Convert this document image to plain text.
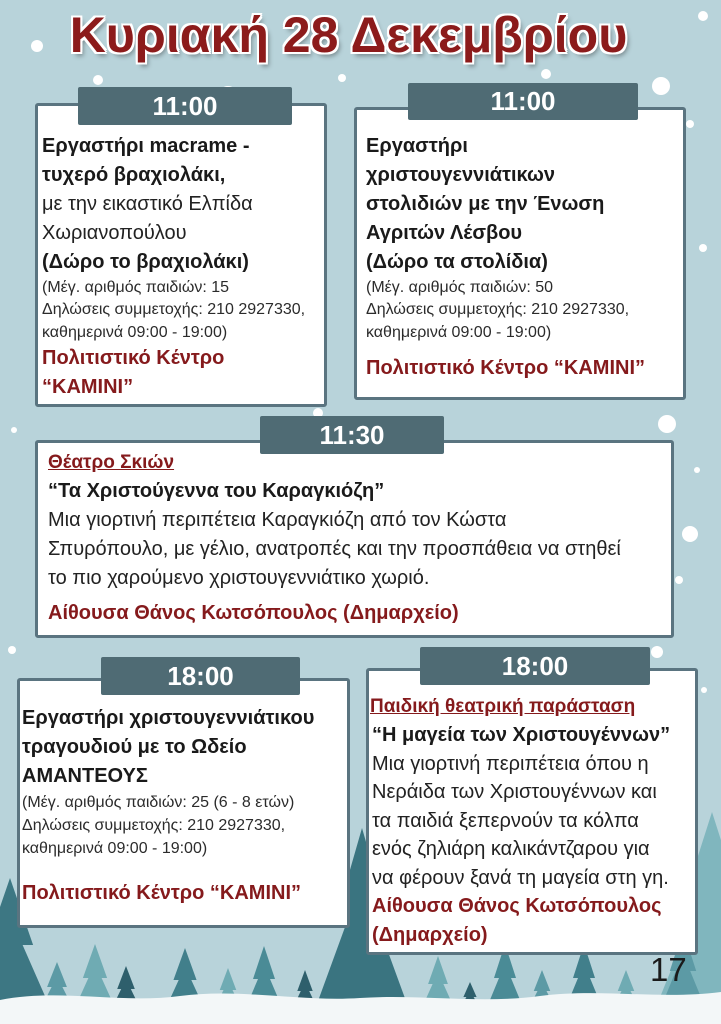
Κυριακή 28 Δεκεμβρίου
Εργαστήρι macrame -
τυχερό βραχιολάκι,
με την εικαστικό Ελπίδα
Χωριανοπούλου
(Δώρο το βραχιολάκι)
(Μέγ. αριθμός παιδιών: 15
Δηλώσεις συμμετοχής: 210 2927330,
καθημερινά 09:00 - 19:00)
Πολιτιστικό Κέντρο
“ΚΑΜΙΝΙ”
11:00
Εργαστήρι
χριστουγεννιάτικων
στολιδιών με την Ένωση
Αγριτών Λέσβου
(Δώρο τα στολίδια)
(Μέγ. αριθμός παιδιών: 50
Δηλώσεις συμμετοχής: 210 2927330,
καθημερινά 09:00 - 19:00)
Πολιτιστικό Κέντρο “ΚΑΜΙΝΙ”
11:00
Θέατρο Σκιών
“Τα Χριστούγεννα του Καραγκιόζη”
Μια γιορτινή περιπέτεια Καραγκιόζη από τον Κώστα
Σπυρόπουλο, με γέλιο, ανατροπές και την προσπάθεια να στηθεί
το πιο χαρούμενο χριστουγεννιάτικο χωριό.
Αίθουσα Θάνος Κωτσόπουλος (Δημαρχείο)
11:30
Εργαστήρι χριστουγεννιάτικου
τραγουδιού με το Ωδείο
ΑΜΑΝΤΕΟΥΣ
(Μέγ. αριθμός παιδιών: 25 (6 - 8 ετών)
Δηλώσεις συμμετοχής: 210 2927330,
καθημερινά 09:00 - 19:00)
Πολιτιστικό Κέντρο “ΚΑΜΙΝΙ”
18:00
Παιδική θεατρική παράσταση
“Η μαγεία των Χριστουγέννων”
Μια γιορτινή περιπέτεια όπου η
Νεράιδα των Χριστουγέννων και
τα παιδιά ξεπερνούν τα κόλπα
ενός ζηλιάρη καλικάντζαρου για
να φέρουν ξανά τη μαγεία στη γη.
Αίθουσα Θάνος Κωτσόπουλος
(Δημαρχείο)
18:00
17
